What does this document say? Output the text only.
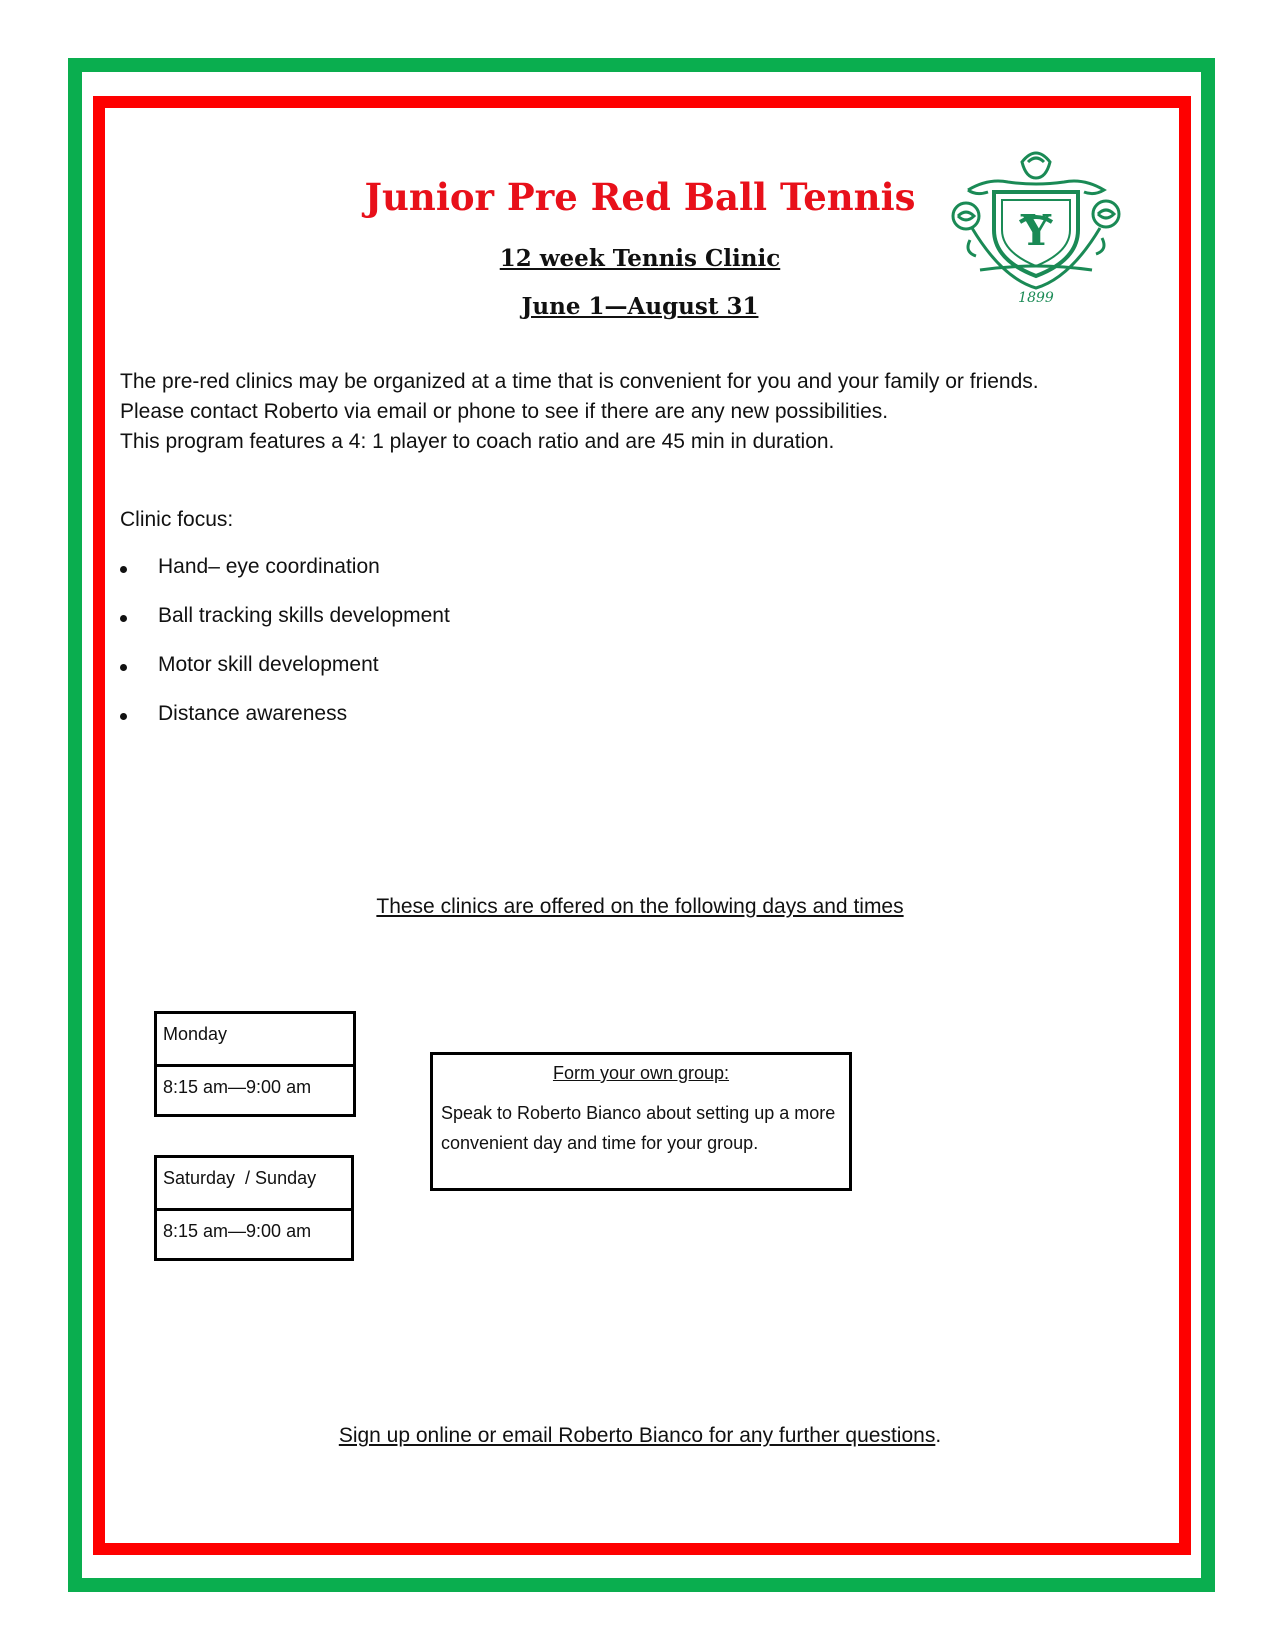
Junior Pre Red Ball Tennis
12 week Tennis Clinic
June 1—August 31
Y
1899

The pre-red clinics may be organized at a time that is convenient for you and your family or friends.

Please contact Roberto via email or phone to see if there are any new possibilities.

This program features a 4: 1 player to coach ratio and are 45 min in duration.

Clinic focus:

Hand– eye coordination
Ball tracking skills development
Motor skill development
Distance awareness

These clinics are offered on the following days and times

Monday
8:15 am—9:00 am
Saturday  / Sunday
8:15 am—9:00 am

Form your own group:

Speak to Roberto Bianco about setting up a more convenient day and time for your group.

Sign up online or email Roberto Bianco for any further questions.
